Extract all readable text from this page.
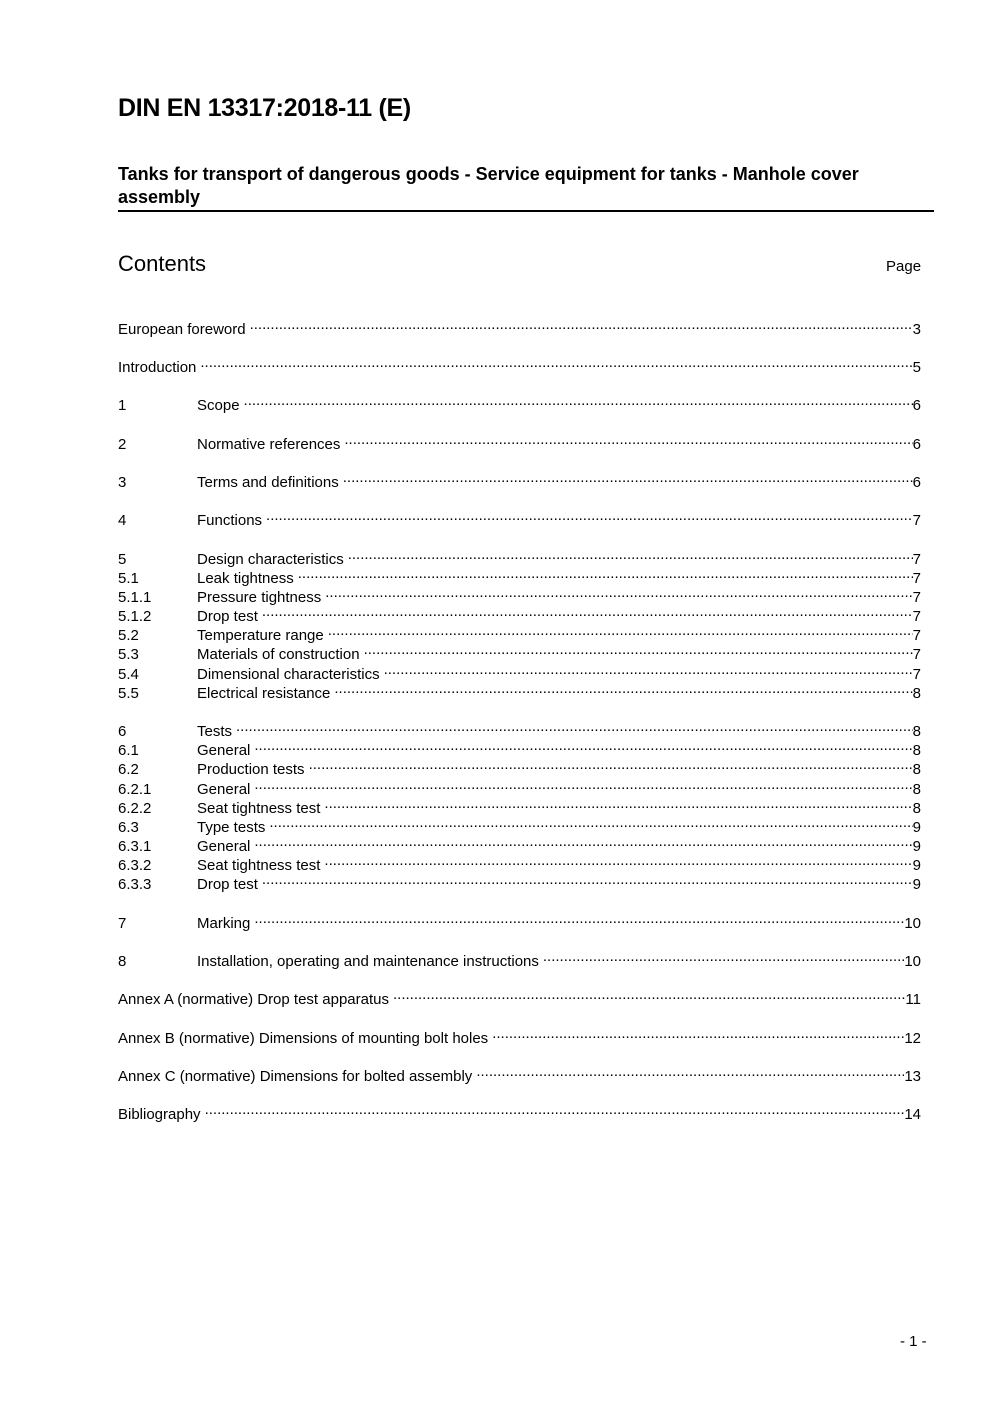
DIN EN 13317:2018-11 (E)
Tanks for transport of dangerous goods - Service equipment for tanks - Manhole cover assembly
Contents	Page
European foreword .....	3
Introduction .....	5
1	Scope .....	6
2	Normative references .....	6
3	Terms and definitions .....	6
4	Functions .....	7
5	Design characteristics .....	7
5.1	Leak tightness .....	7
5.1.1	Pressure tightness .....	7
5.1.2	Drop test .....	7
5.2	Temperature range .....	7
5.3	Materials of construction .....	7
5.4	Dimensional characteristics .....	7
5.5	Electrical resistance .....	8
6	Tests .....	8
6.1	General .....	8
6.2	Production tests .....	8
6.2.1	General .....	8
6.2.2	Seat tightness test .....	8
6.3	Type tests .....	9
6.3.1	General .....	9
6.3.2	Seat tightness test .....	9
6.3.3	Drop test .....	9
7	Marking .....	10
8	Installation, operating and maintenance instructions .....	10
Annex A (normative) Drop test apparatus .....	11
Annex B (normative) Dimensions of mounting bolt holes .....	12
Annex C (normative) Dimensions for bolted assembly .....	13
Bibliography .....	14
- 1 -
